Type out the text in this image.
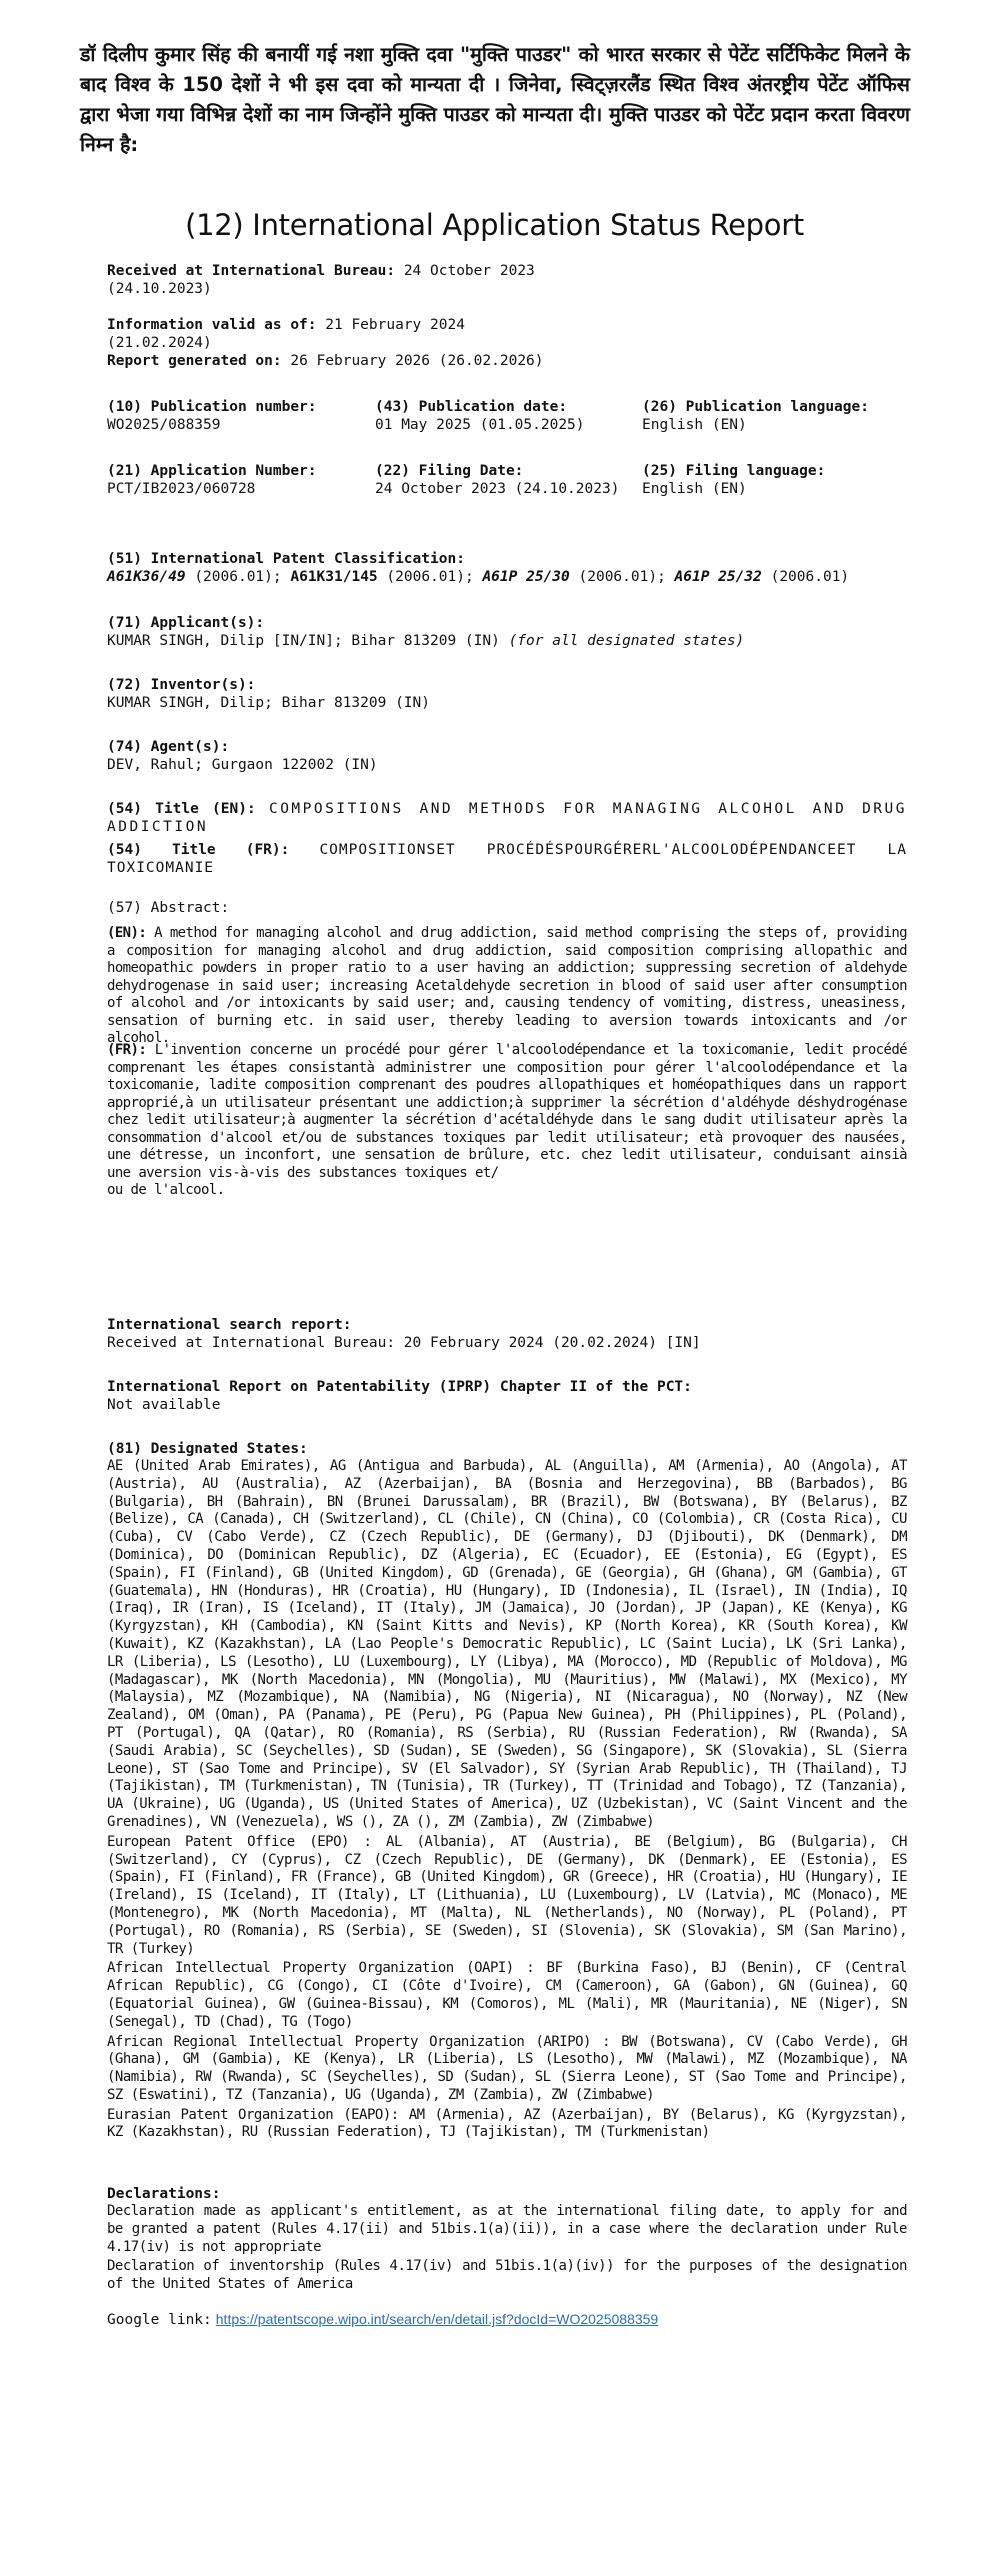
डॉ दिलीप कुमार सिंह की बनायीं गई नशा मुक्ति दवा "मुक्ति पाउडर" को भारत सरकार से पेटेंट सर्टिफिकेट मिलने के बाद विश्व के 150 देशों ने भी इस दवा को मान्यता दी । जिनेवा, स्विट्ज़रलैंड स्थित विश्व अंतरष्ट्रीय पेटेंट ऑफिस द्वारा भेजा गया विभिन्न देशों का नाम जिन्होंने मुक्ति पाउडर को मान्यता दी। मुक्ति पाउडर को पेटेंट प्रदान करता विवरण निम्न है:

(12) International Application Status Report
Received at International Bureau: 24 October 2023
(24.10.2023)
Information valid as of: 21 February 2024
(21.02.2024)
Report generated on: 26 February 2026 (26.02.2026)
(10) Publication number:
WO2025/088359
(43) Publication date:
01 May 2025 (01.05.2025)
(26) Publication language:
English (EN)
(21) Application Number:
PCT/IB2023/060728
(22) Filing Date:
24 October 2023 (24.10.2023)
(25) Filing language:
English (EN)
(51) International Patent Classification:
A61K36/49 (2006.01); A61K31/145 (2006.01); A61P 25/30 (2006.01); A61P 25/32 (2006.01)
(71) Applicant(s):
KUMAR SINGH, Dilip [IN/IN]; Bihar 813209 (IN) (for all designated states)
(72) Inventor(s):
KUMAR SINGH, Dilip; Bihar 813209 (IN)
(74) Agent(s):
DEV, Rahul; Gurgaon 122002 (IN)
(54) Title (EN): COMPOSITIONS AND METHODS FOR MANAGING ALCOHOL AND DRUG ADDICTION
(54) Title (FR): COMPOSITIONSET PROCÉDÉSPOURGÉRERL'ALCOOLODÉPENDANCEET LA TOXICOMANIE
(57) Abstract:
(EN): A method for managing alcohol and drug addiction, said method comprising the steps of, providing a composition for managing alcohol and drug addiction, said composition comprising allopathic and homeopathic powders in proper ratio to a user having an addiction; suppressing secretion of aldehyde dehydrogenase in said user; increasing Acetaldehyde secretion in blood of said user after consumption of alcohol and /or intoxicants by said user; and, causing tendency of vomiting, distress, uneasiness, sensation of burning etc. in said user, thereby leading to aversion towards intoxicants and /or alcohol.
(FR): L'invention concerne un procédé pour gérer l'alcoolodépendance et la toxicomanie, ledit procédé comprenant les étapes consistantà administrer une composition pour gérer l'alcoolodépendance et la toxicomanie, ladite composition comprenant des poudres allopathiques et homéopathiques dans un rapport approprié,à un utilisateur présentant une addiction;à supprimer la sécrétion d'aldéhyde déshydrogénase chez ledit utilisateur;à augmenter la sécrétion d'acétaldéhyde dans le sang dudit utilisateur après la consommation d'alcool et/ou de substances toxiques par ledit utilisateur; età provoquer des nausées, une détresse, un inconfort, une sensation de brûlure, etc. chez ledit utilisateur, conduisant ainsià une aversion vis-à-vis des substances toxiques et/
ou de l'alcool.
International search report:
Received at International Bureau: 20 February 2024 (20.02.2024) [IN]
International Report on Patentability (IPRP) Chapter II of the PCT:
Not available
(81) Designated States:

AE (United Arab Emirates), AG (Antigua and Barbuda), AL (Anguilla), AM (Armenia), AO (Angola), AT (Austria), AU (Australia), AZ (Azerbaijan), BA (Bosnia and Herzegovina), BB (Barbados), BG (Bulgaria), BH (Bahrain), BN (Brunei Darussalam), BR (Brazil), BW (Botswana), BY (Belarus), BZ (Belize), CA (Canada), CH (Switzerland), CL (Chile), CN (China), CO (Colombia), CR (Costa Rica), CU (Cuba), CV (Cabo Verde), CZ (Czech Republic), DE (Germany), DJ (Djibouti), DK (Denmark), DM (Dominica), DO (Dominican Republic), DZ (Algeria), EC (Ecuador), EE (Estonia), EG (Egypt), ES (Spain), FI (Finland), GB (United Kingdom), GD (Grenada), GE (Georgia), GH (Ghana), GM (Gambia), GT (Guatemala), HN (Honduras), HR (Croatia), HU (Hungary), ID (Indonesia), IL (Israel), IN (India), IQ (Iraq), IR (Iran), IS (Iceland), IT (Italy), JM (Jamaica), JO (Jordan), JP (Japan), KE (Kenya), KG (Kyrgyzstan), KH (Cambodia), KN (Saint Kitts and Nevis), KP (North Korea), KR (South Korea), KW (Kuwait), KZ (Kazakhstan), LA (Lao People's Democratic Republic), LC (Saint Lucia), LK (Sri Lanka), LR (Liberia), LS (Lesotho), LU (Luxembourg), LY (Libya), MA (Morocco), MD (Republic of Moldova), MG (Madagascar), MK (North Macedonia), MN (Mongolia), MU (Mauritius), MW (Malawi), MX (Mexico), MY (Malaysia), MZ (Mozambique), NA (Namibia), NG (Nigeria), NI (Nicaragua), NO (Norway), NZ (New Zealand), OM (Oman), PA (Panama), PE (Peru), PG (Papua New Guinea), PH (Philippines), PL (Poland), PT (Portugal), QA (Qatar), RO (Romania), RS (Serbia), RU (Russian Federation), RW (Rwanda), SA (Saudi Arabia), SC (Seychelles), SD (Sudan), SE (Sweden), SG (Singapore), SK (Slovakia), SL (Sierra Leone), ST (Sao Tome and Principe), SV (El Salvador), SY (Syrian Arab Republic), TH (Thailand), TJ (Tajikistan), TM (Turkmenistan), TN (Tunisia), TR (Turkey), TT (Trinidad and Tobago), TZ (Tanzania), UA (Ukraine), UG (Uganda), US (United States of America), UZ (Uzbekistan), VC (Saint Vincent and the Grenadines), VN (Venezuela), WS (), ZA (), ZM (Zambia), ZW (Zimbabwe)

European Patent Office (EPO) : AL (Albania), AT (Austria), BE (Belgium), BG (Bulgaria), CH (Switzerland), CY (Cyprus), CZ (Czech Republic), DE (Germany), DK (Denmark), EE (Estonia), ES (Spain), FI (Finland), FR (France), GB (United Kingdom), GR (Greece), HR (Croatia), HU (Hungary), IE (Ireland), IS (Iceland), IT (Italy), LT (Lithuania), LU (Luxembourg), LV (Latvia), MC (Monaco), ME (Montenegro), MK (North Macedonia), MT (Malta), NL (Netherlands), NO (Norway), PL (Poland), PT (Portugal), RO (Romania), RS (Serbia), SE (Sweden), SI (Slovenia), SK (Slovakia), SM (San Marino), TR (Turkey)

African Intellectual Property Organization (OAPI) : BF (Burkina Faso), BJ (Benin), CF (Central African Republic), CG (Congo), CI (Côte d'Ivoire), CM (Cameroon), GA (Gabon), GN (Guinea), GQ (Equatorial Guinea), GW (Guinea-Bissau), KM (Comoros), ML (Mali), MR (Mauritania), NE (Niger), SN (Senegal), TD (Chad), TG (Togo)

African Regional Intellectual Property Organization (ARIPO) : BW (Botswana), CV (Cabo Verde), GH (Ghana), GM (Gambia), KE (Kenya), LR (Liberia), LS (Lesotho), MW (Malawi), MZ (Mozambique), NA (Namibia), RW (Rwanda), SC (Seychelles), SD (Sudan), SL (Sierra Leone), ST (Sao Tome and Principe), SZ (Eswatini), TZ (Tanzania), UG (Uganda), ZM (Zambia), ZW (Zimbabwe)

Eurasian Patent Organization (EAPO): AM (Armenia), AZ (Azerbaijan), BY (Belarus), KG (Kyrgyzstan), KZ (Kazakhstan), RU (Russian Federation), TJ (Tajikistan), TM (Turkmenistan)

Declarations:

Declaration made as applicant's entitlement, as at the international filing date, to apply for and be granted a patent (Rules 4.17(ii) and 51bis.1(a)(ii)), in a case where the declaration under Rule 4.17(iv) is not appropriate

Declaration of inventorship (Rules 4.17(iv) and 51bis.1(a)(iv)) for the purposes of the designation of the United States of America

Google link: https://patentscope.wipo.int/search/en/detail.jsf?docId=WO2025088359
